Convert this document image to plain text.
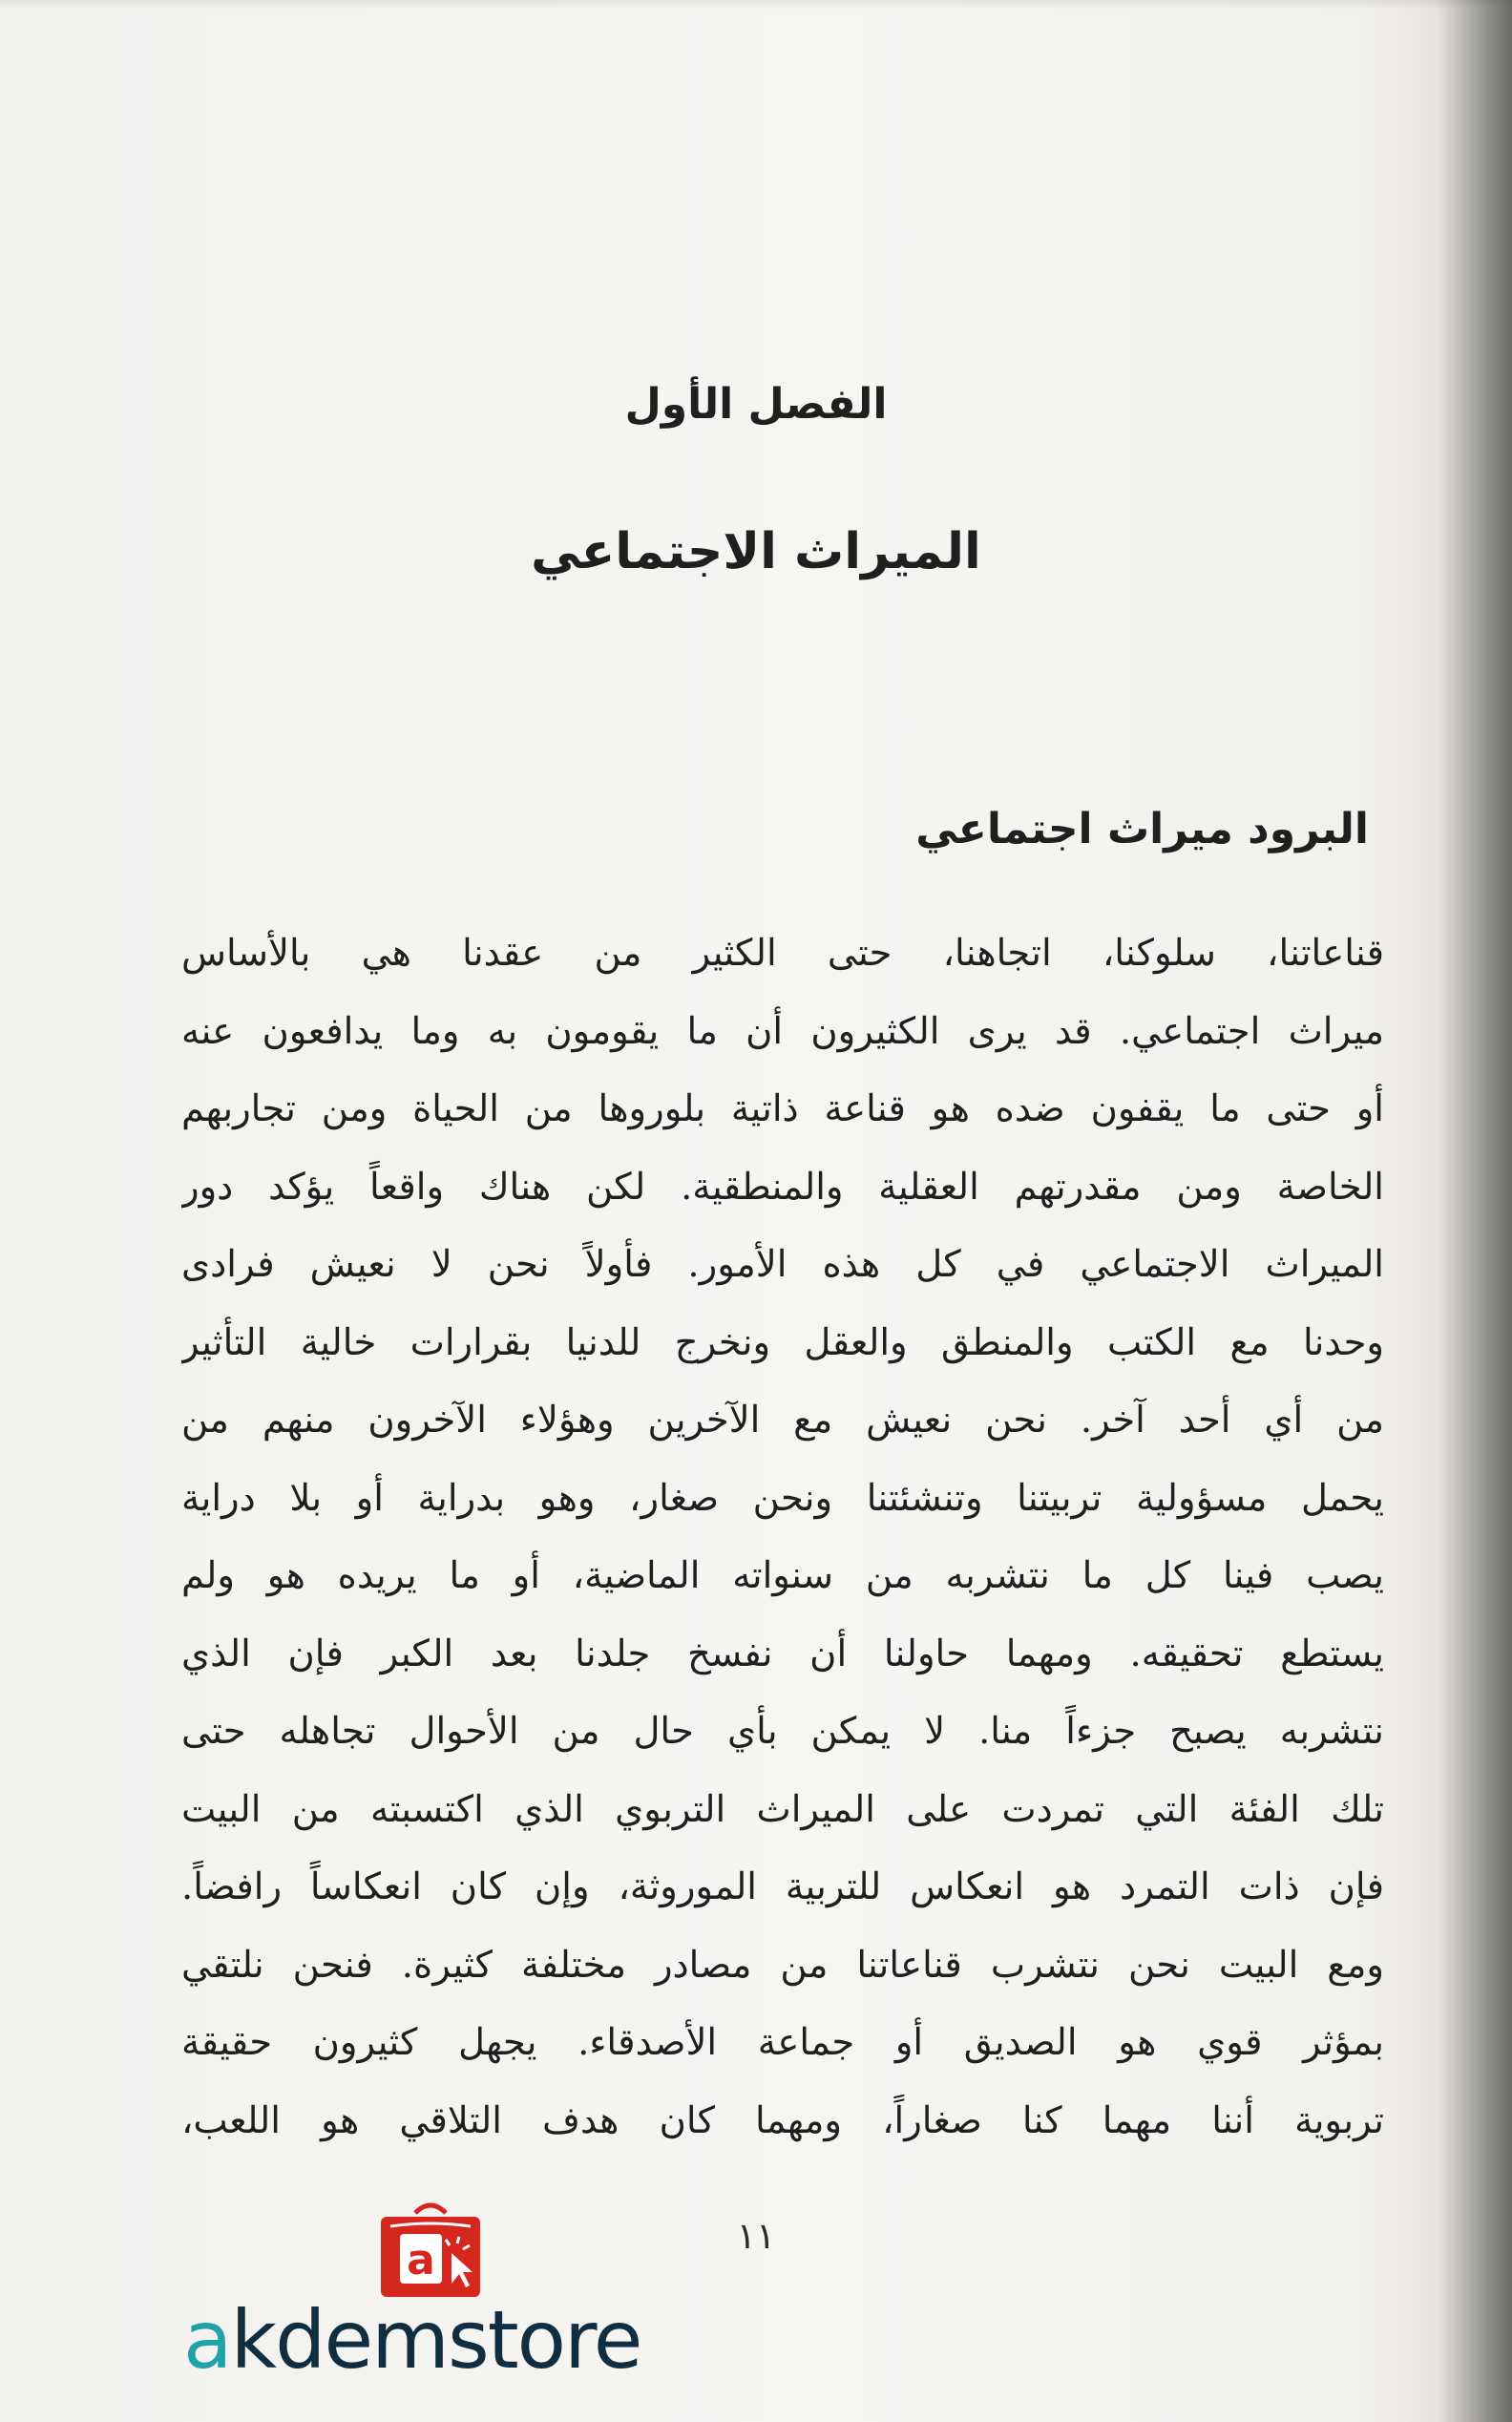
الفصل الأول
الميراث الاجتماعي
البرود ميراث اجتماعي
قناعاتنا، سلوكنا، اتجاهنا، حتى الكثير من عقدنا هي بالأساس
ميراث اجتماعي. قد يرى الكثيرون أن ما يقومون به وما يدافعون عنه
أو حتى ما يقفون ضده هو قناعة ذاتية بلوروها من الحياة ومن تجاربهم
الخاصة ومن مقدرتهم العقلية والمنطقية. لكن هناك واقعاً يؤكد دور
الميراث الاجتماعي في كل هذه الأمور. فأولاً نحن لا نعيش فرادى
وحدنا مع الكتب والمنطق والعقل ونخرج للدنيا بقرارات خالية التأثير
من أي أحد آخر. نحن نعيش مع الآخرين وهؤلاء الآخرون منهم من
يحمل مسؤولية تربيتنا وتنشئتنا ونحن صغار، وهو بدراية أو بلا دراية
يصب فينا كل ما نتشربه من سنواته الماضية، أو ما يريده هو ولم
يستطع تحقيقه. ومهما حاولنا أن نفسخ جلدنا بعد الكبر فإن الذي
نتشربه يصبح جزءاً منا. لا يمكن بأي حال من الأحوال تجاهله حتى
تلك الفئة التي تمردت على الميراث التربوي الذي اكتسبته من البيت
فإن ذات التمرد هو انعكاس للتربية الموروثة، وإن كان انعكاساً رافضاً.
ومع البيت نحن نتشرب قناعاتنا من مصادر مختلفة كثيرة. فنحن نلتقي
بمؤثر قوي هو الصديق أو جماعة الأصدقاء. يجهل كثيرون حقيقة
تربوية أننا مهما كنا صغاراً، ومهما كان هدف التلاقي هو اللعب،
١١
a
akdemstore
